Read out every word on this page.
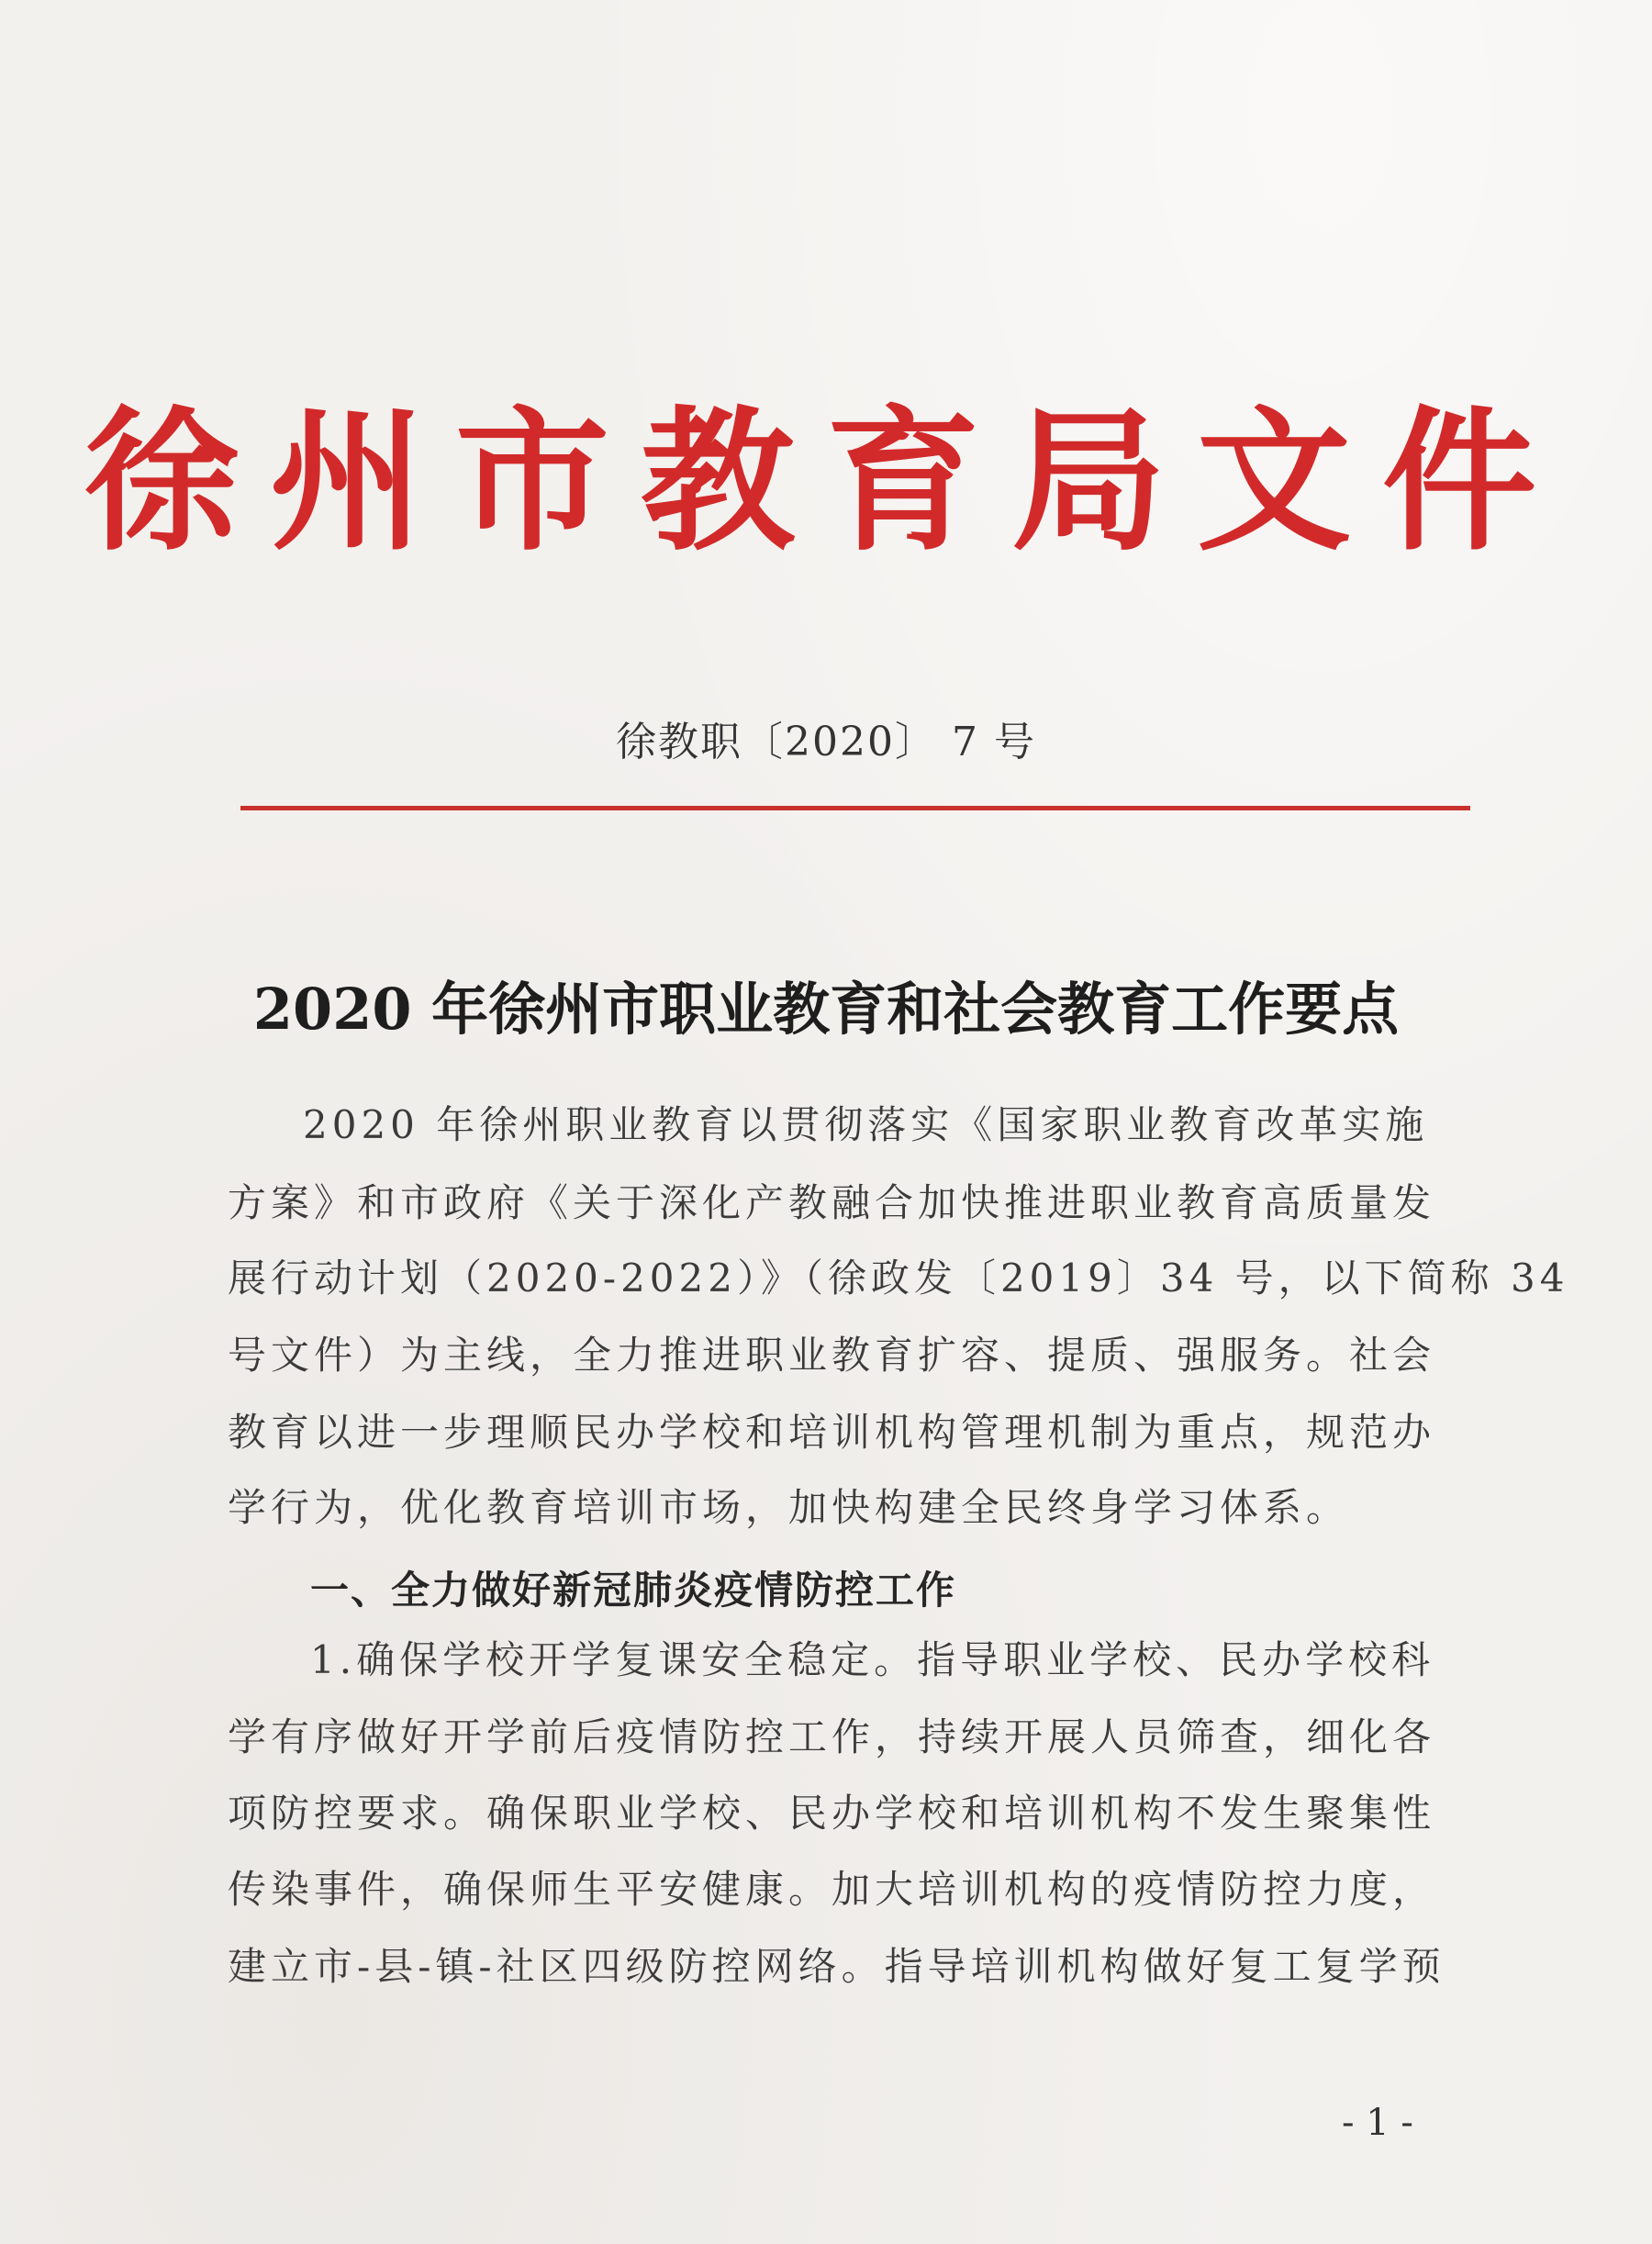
徐州市教育局文件
徐教职〔2020〕 7 号
2020 年徐州市职业教育和社会教育工作要点
2020 年徐州职业教育以贯彻落实《国家职业教育改革实施
方案》和市政府《关于深化产教融合加快推进职业教育高质量发
展行动计划（2020-2022）》（徐政发〔2019〕34 号，以下简称 34
号文件）为主线，全力推进职业教育扩容、提质、强服务。社会
教育以进一步理顺民办学校和培训机构管理机制为重点，规范办
学行为，优化教育培训市场，加快构建全民终身学习体系。
一、全力做好新冠肺炎疫情防控工作
1.确保学校开学复课安全稳定。指导职业学校、民办学校科
学有序做好开学前后疫情防控工作，持续开展人员筛查，细化各
项防控要求。确保职业学校、民办学校和培训机构不发生聚集性
传染事件，确保师生平安健康。加大培训机构的疫情防控力度，
建立市-县-镇-社区四级防控网络。指导培训机构做好复工复学预
- 1 -
